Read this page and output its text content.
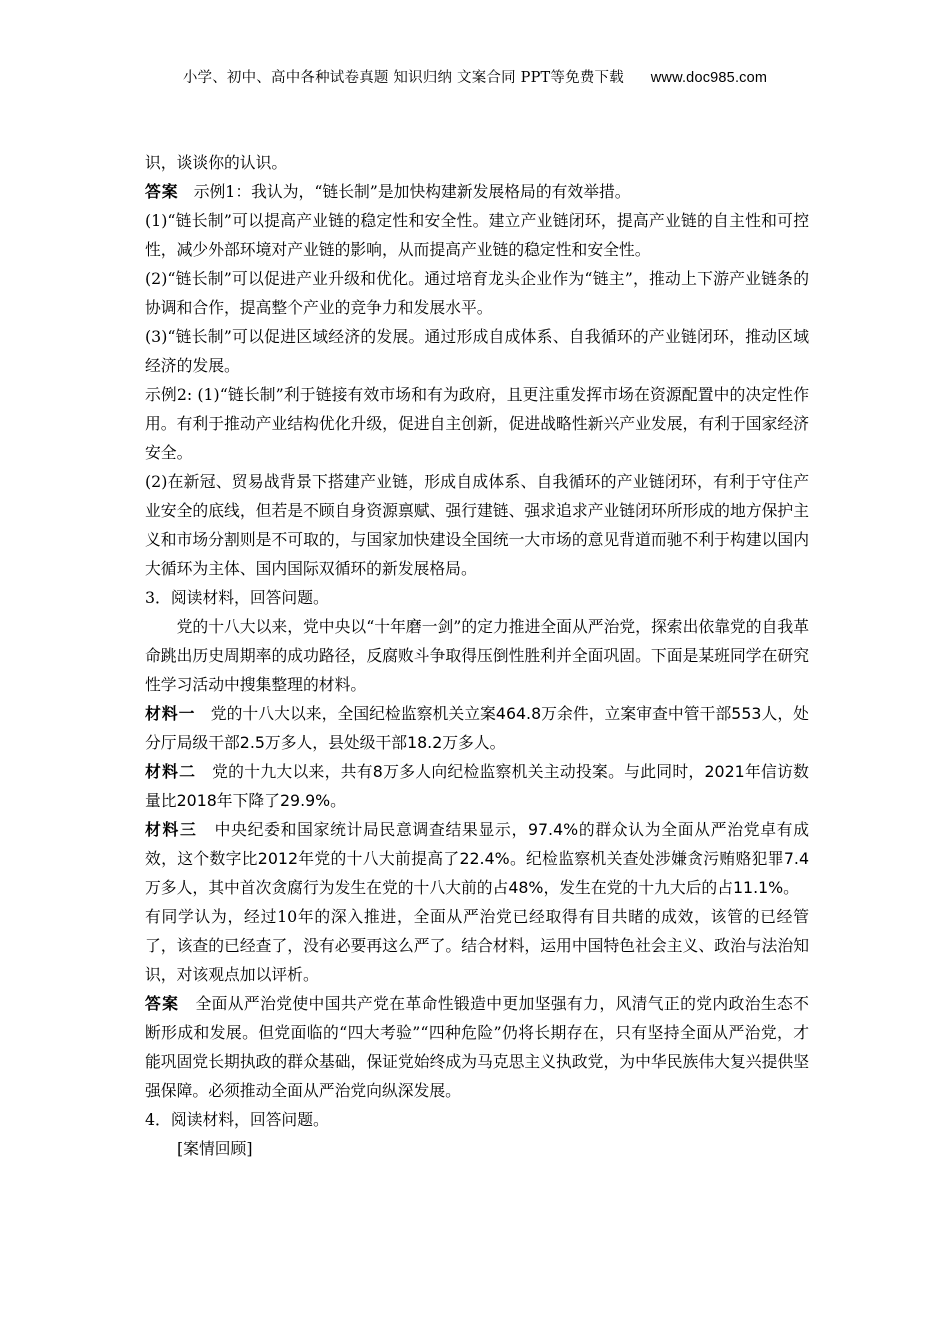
小学、初中、高中各种试卷真题 知识归纳 文案合同 PPT等免费下载 www.doc985.com

识，谈谈你的认识。

答案 示例1：我认为，“链长制”是加快构建新发展格局的有效举措。

(1)“链长制”可以提高产业链的稳定性和安全性。建立产业链闭环，提高产业链的自主性和可控性，减少外部环境对产业链的影响，从而提高产业链的稳定性和安全性。

(2)“链长制”可以促进产业升级和优化。通过培育龙头企业作为“链主”，推动上下游产业链条的协调和合作，提高整个产业的竞争力和发展水平。

(3)“链长制”可以促进区域经济的发展。通过形成自成体系、自我循环的产业链闭环，推动区域经济的发展。

示例2: (1)“链长制”利于链接有效市场和有为政府，且更注重发挥市场在资源配置中的决定性作用。有利于推动产业结构优化升级，促进自主创新，促进战略性新兴产业发展，有利于国家经济安全。

(2)在新冠、贸易战背景下搭建产业链，形成自成体系、自我循环的产业链闭环，有利于守住产业安全的底线，但若是不顾自身资源禀赋、强行建链、强求追求产业链闭环所形成的地方保护主义和市场分割则是不可取的，与国家加快建设全国统一大市场的意见背道而驰不利于构建以国内大循环为主体、国内国际双循环的新发展格局。

3．阅读材料，回答问题。

党的十八大以来，党中央以“十年磨一剑”的定力推进全面从严治党，探索出依靠党的自我革命跳出历史周期率的成功路径，反腐败斗争取得压倒性胜利并全面巩固。下面是某班同学在研究性学习活动中搜集整理的材料。

材料一 党的十八大以来，全国纪检监察机关立案464.8万余件，立案审查中管干部553人，处分厅局级干部2.5万多人，县处级干部18.2万多人。

材料二 党的十九大以来，共有8万多人向纪检监察机关主动投案。与此同时，2021年信访数量比2018年下降了29.9%。

材料三 中央纪委和国家统计局民意调查结果显示，97.4%的群众认为全面从严治党卓有成效，这个数字比2012年党的十八大前提高了22.4%。纪检监察机关查处涉嫌贪污贿赂犯罪7.4万多人，其中首次贪腐行为发生在党的十八大前的占48%，发生在党的十九大后的占11.1%。

有同学认为，经过10年的深入推进，全面从严治党已经取得有目共睹的成效，该管的已经管了，该查的已经查了，没有必要再这么严了。结合材料，运用中国特色社会主义、政治与法治知识，对该观点加以评析。

答案 全面从严治党使中国共产党在革命性锻造中更加坚强有力，风清气正的党内政治生态不断形成和发展。但党面临的“四大考验”“四种危险”仍将长期存在，只有坚持全面从严治党，才能巩固党长期执政的群众基础，保证党始终成为马克思主义执政党，为中华民族伟大复兴提供坚强保障。必须推动全面从严治党向纵深发展。

4．阅读材料，回答问题。

[案情回顾]
